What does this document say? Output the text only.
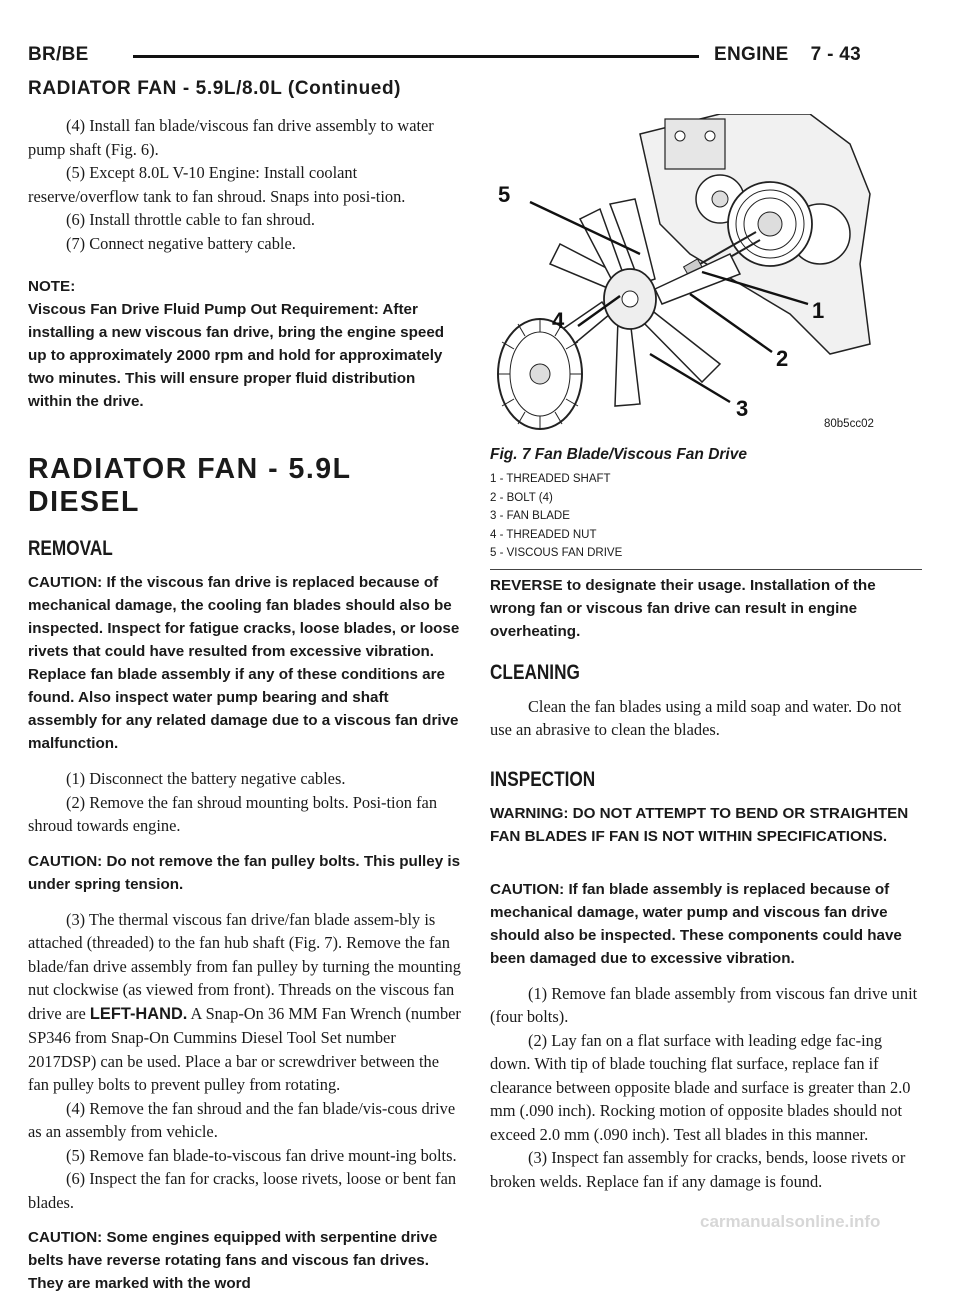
BR/BE	ENGINE 7 - 43
RADIATOR FAN - 5.9L/8.0L (Continued)

(4) Install fan blade/viscous fan drive assembly to water pump shaft (Fig. 6).

(5) Except 8.0L V-10 Engine: Install coolant reserve/overflow tank to fan shroud. Snaps into posi-tion.

(6) Install throttle cable to fan shroud.

(7) Connect negative battery cable.

NOTE:
Viscous Fan Drive Fluid Pump Out Requirement: After installing a new viscous fan drive, bring the engine speed up to approximately 2000 rpm and hold for approximately two minutes. This will ensure proper fluid distribution within the drive.
RADIATOR FAN - 5.9L DIESEL
REMOVAL

CAUTION: If the viscous fan drive is replaced because of mechanical damage, the cooling fan blades should also be inspected. Inspect for fatigue cracks, loose blades, or loose rivets that could have resulted from excessive vibration. Replace fan blade assembly if any of these conditions are found. Also inspect water pump bearing and shaft assembly for any related damage due to a viscous fan drive malfunction.

(1) Disconnect the battery negative cables.

(2) Remove the fan shroud mounting bolts. Posi-tion fan shroud towards engine.

CAUTION: Do not remove the fan pulley bolts. This pulley is under spring tension.

(3) The thermal viscous fan drive/fan blade assem-bly is attached (threaded) to the fan hub shaft (Fig. 7). Remove the fan blade/fan drive assembly from fan pulley by turning the mounting nut clockwise (as viewed from front). Threads on the viscous fan drive are LEFT-HAND. A Snap-On 36 MM Fan Wrench (number SP346 from Snap-On Cummins Diesel Tool Set number 2017DSP) can be used. Place a bar or screwdriver between the fan pulley bolts to prevent pulley from rotating.

(4) Remove the fan shroud and the fan blade/vis-cous drive as an assembly from vehicle.

(5) Remove fan blade-to-viscous fan drive mount-ing bolts.

(6) Inspect the fan for cracks, loose rivets, loose or bent fan blades.

CAUTION: Some engines equipped with serpentine drive belts have reverse rotating fans and viscous fan drives. They are marked with the word

5
4	1
2
3
80b5cc02
Fig. 7 Fan Blade/Viscous Fan Drive
1 - THREADED SHAFT
2 - BOLT (4)
3 - FAN BLADE
4 - THREADED NUT
5 - VISCOUS FAN DRIVE

REVERSE to designate their usage. Installation of the wrong fan or viscous fan drive can result in engine overheating.

CLEANING

Clean the fan blades using a mild soap and water. Do not use an abrasive to clean the blades.

INSPECTION

WARNING: DO NOT ATTEMPT TO BEND OR STRAIGHTEN FAN BLADES IF FAN IS NOT WITHIN SPECIFICATIONS.

CAUTION: If fan blade assembly is replaced because of mechanical damage, water pump and viscous fan drive should also be inspected. These components could have been damaged due to excessive vibration.

(1) Remove fan blade assembly from viscous fan drive unit (four bolts).

(2) Lay fan on a flat surface with leading edge fac-ing down. With tip of blade touching flat surface, replace fan if clearance between opposite blade and surface is greater than 2.0 mm (.090 inch). Rocking motion of opposite blades should not exceed 2.0 mm (.090 inch). Test all blades in this manner.

(3) Inspect fan assembly for cracks, bends, loose rivets or broken welds. Replace fan if any damage is found.

carmanualsonline.info
